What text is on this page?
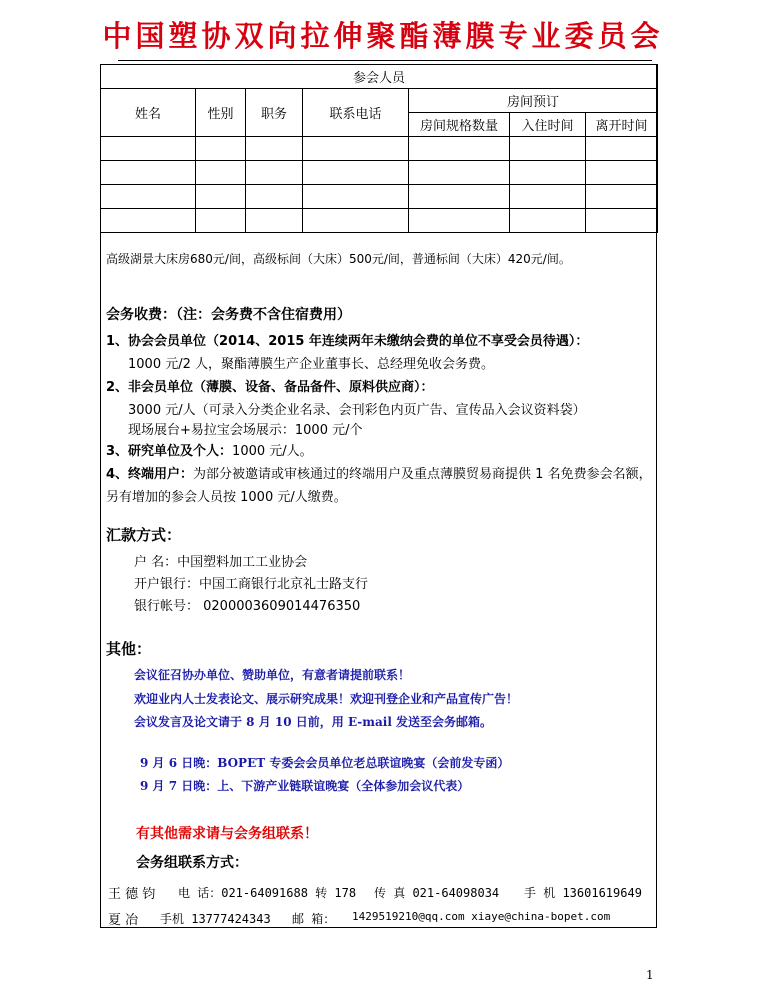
中国塑协双向拉伸聚酯薄膜专业委员会
参会人员						
姓名	性别	职务	联系电话	房间预订		
				房间规格数量	入住时间	离开时间

高级湖景大床房680元/间，高级标间（大床）500元/间，普通标间（大床）420元/间。
会务收费：（注：会务费不含住宿费用）
1、协会会员单位（2014、2015 年连续两年未缴纳会费的单位不享受会员待遇）：
1000 元/2 人，聚酯薄膜生产企业董事长、总经理免收会务费。
2、非会员单位（薄膜、设备、备品备件、原料供应商）：
3000 元/人（可录入分类企业名录、会刊彩色内页广告、宣传品入会议资料袋）
现场展台+易拉宝会场展示：1000 元/个
3、研究单位及个人：1000 元/人。
4、终端用户：为部分被邀请或审核通过的终端用户及重点薄膜贸易商提供 1 名免费参会名额，
另有增加的参会人员按 1000 元/人缴费。
汇款方式：
户 名：中国塑料加工工业协会
开户银行：中国工商银行北京礼士路支行
银行帐号： 0200003609014476350
其他：
会议征召协办单位、赞助单位，有意者请提前联系！
欢迎业内人士发表论文、展示研究成果！欢迎刊登企业和产品宣传广告！
会议发言及论文请于 8 月 10 日前，用 E-mail 发送至会务邮箱。
9 月 6 日晚：BOPET 专委会会员单位老总联谊晚宴（会前发专函）
9 月 7 日晚：上、下游产业链联谊晚宴（全体参加会议代表）
有其他需求请与会务组联系！
会务组联系方式：
王 德 钧 电 话：021-64091688 转 178 传 真 021-64098034 手 机 13601619649
夏 冶 手机 13777424343 邮 箱： 1429519210@qq.com xiaye@china-bopet.com
1
